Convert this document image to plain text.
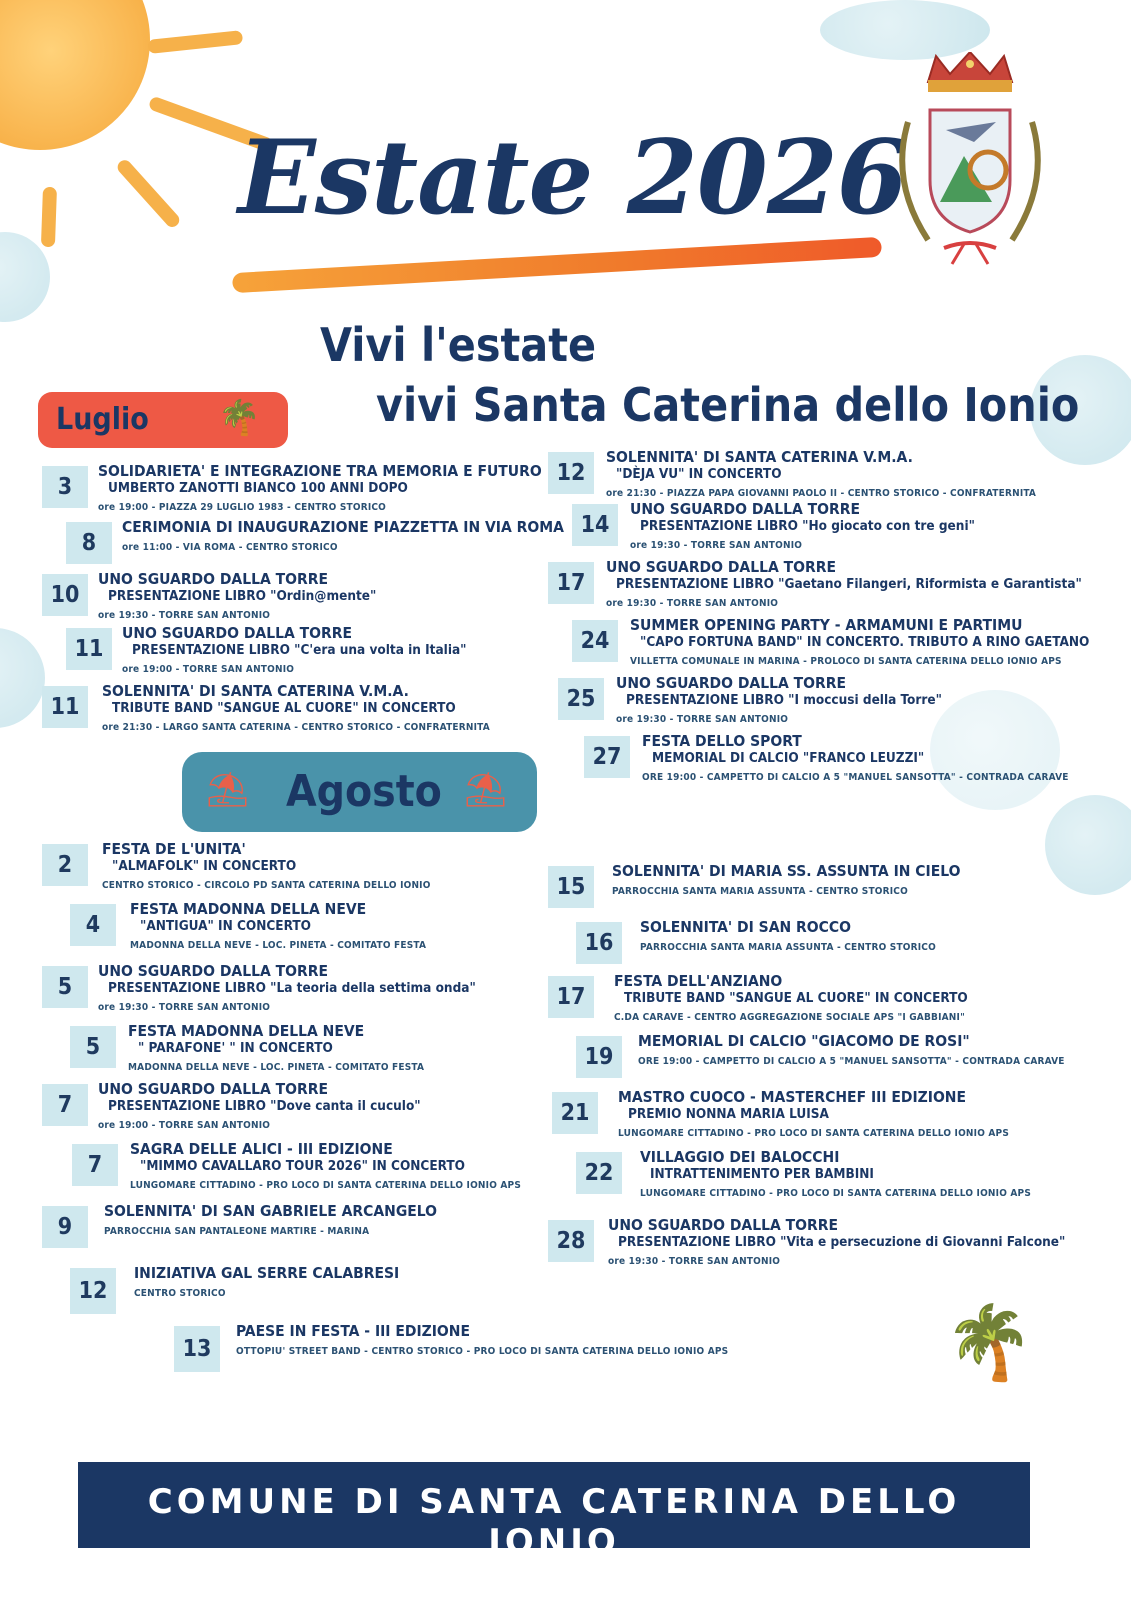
Estate 2026
Vivi l'estate
vivi Santa Caterina dello Ionio
Luglio 🌴
⛱ Agosto ⛱
🌴
3
SOLIDARIETA' E INTEGRAZIONE TRA MEMORIA E FUTURO
UMBERTO ZANOTTI BIANCO 100 ANNI DOPO
ore 19:00 - PIAZZA 29 LUGLIO 1983 - CENTRO STORICO
8
CERIMONIA DI INAUGURAZIONE PIAZZETTA IN VIA ROMA
ore 11:00 - VIA ROMA - CENTRO STORICO
10
UNO SGUARDO DALLA TORRE
PRESENTAZIONE LIBRO "Ordin@mente"
ore 19:30 - TORRE SAN ANTONIO
11
UNO SGUARDO DALLA TORRE
PRESENTAZIONE LIBRO "C'era una volta in Italia"
ore 19:00 - TORRE SAN ANTONIO
11
SOLENNITA' DI SANTA CATERINA V.M.A.
TRIBUTE BAND "SANGUE AL CUORE" IN CONCERTO
ore 21:30 - LARGO SANTA CATERINA - CENTRO STORICO - CONFRATERNITA
12
SOLENNITA' DI SANTA CATERINA V.M.A.
"DÈJA VU" IN CONCERTO
ore 21:30 - PIAZZA PAPA GIOVANNI PAOLO II - CENTRO STORICO - CONFRATERNITA
14
UNO SGUARDO DALLA TORRE
PRESENTAZIONE LIBRO "Ho giocato con tre geni"
ore 19:30 - TORRE SAN ANTONIO
17
UNO SGUARDO DALLA TORRE
PRESENTAZIONE LIBRO "Gaetano Filangeri, Riformista e Garantista"
ore 19:30 - TORRE SAN ANTONIO
24
SUMMER OPENING PARTY - ARMAMUNI E PARTIMU
"CAPO FORTUNA BAND" IN CONCERTO. TRIBUTO A RINO GAETANO
VILLETTA COMUNALE IN MARINA - PROLOCO DI SANTA CATERINA DELLO IONIO APS
25
UNO SGUARDO DALLA TORRE
PRESENTAZIONE LIBRO "I moccusi della Torre"
ore 19:30 - TORRE SAN ANTONIO
27
FESTA DELLO SPORT
MEMORIAL DI CALCIO "FRANCO LEUZZI"
ORE 19:00 - CAMPETTO DI CALCIO A 5 "MANUEL SANSOTTA" - CONTRADA CARAVE
2
FESTA DE L'UNITA'
"ALMAFOLK" IN CONCERTO
CENTRO STORICO - CIRCOLO PD SANTA CATERINA DELLO IONIO
4
FESTA MADONNA DELLA NEVE
"ANTIGUA" IN CONCERTO
MADONNA DELLA NEVE - LOC. PINETA - COMITATO FESTA
5
UNO SGUARDO DALLA TORRE
PRESENTAZIONE LIBRO "La teoria della settima onda"
ore 19:30 - TORRE SAN ANTONIO
5
FESTA MADONNA DELLA NEVE
" PARAFONE' " IN CONCERTO
MADONNA DELLA NEVE - LOC. PINETA - COMITATO FESTA
7
UNO SGUARDO DALLA TORRE
PRESENTAZIONE LIBRO "Dove canta il cuculo"
ore 19:00 - TORRE SAN ANTONIO
7
SAGRA DELLE ALICI - III EDIZIONE
"MIMMO CAVALLARO TOUR 2026" IN CONCERTO
LUNGOMARE CITTADINO - PRO LOCO DI SANTA CATERINA DELLO IONIO APS
9
SOLENNITA' DI SAN GABRIELE ARCANGELO
PARROCCHIA SAN PANTALEONE MARTIRE - MARINA
12
INIZIATIVA GAL SERRE CALABRESI
CENTRO STORICO
13
PAESE IN FESTA - III EDIZIONE
OTTOPIU' STREET BAND - CENTRO STORICO - PRO LOCO DI SANTA CATERINA DELLO IONIO APS
15
SOLENNITA' DI MARIA SS. ASSUNTA IN CIELO
PARROCCHIA SANTA MARIA ASSUNTA - CENTRO STORICO
16
SOLENNITA' DI SAN ROCCO
PARROCCHIA SANTA MARIA ASSUNTA - CENTRO STORICO
17
FESTA DELL'ANZIANO
TRIBUTE BAND "SANGUE AL CUORE" IN CONCERTO
C.DA CARAVE - CENTRO AGGREGAZIONE SOCIALE APS "I GABBIANI"
19
MEMORIAL DI CALCIO "GIACOMO DE ROSI"
ORE 19:00 - CAMPETTO DI CALCIO A 5 "MANUEL SANSOTTA" - CONTRADA CARAVE
21
MASTRO CUOCO - MASTERCHEF III EDIZIONE
PREMIO NONNA MARIA LUISA
LUNGOMARE CITTADINO - PRO LOCO DI SANTA CATERINA DELLO IONIO APS
22
VILLAGGIO DEI BALOCCHI
INTRATTENIMENTO PER BAMBINI
LUNGOMARE CITTADINO - PRO LOCO DI SANTA CATERINA DELLO IONIO APS
28
UNO SGUARDO DALLA TORRE
PRESENTAZIONE LIBRO "Vita e persecuzione di Giovanni Falcone"
ore 19:30 - TORRE SAN ANTONIO
COMUNE DI SANTA CATERINA DELLO IONIO
